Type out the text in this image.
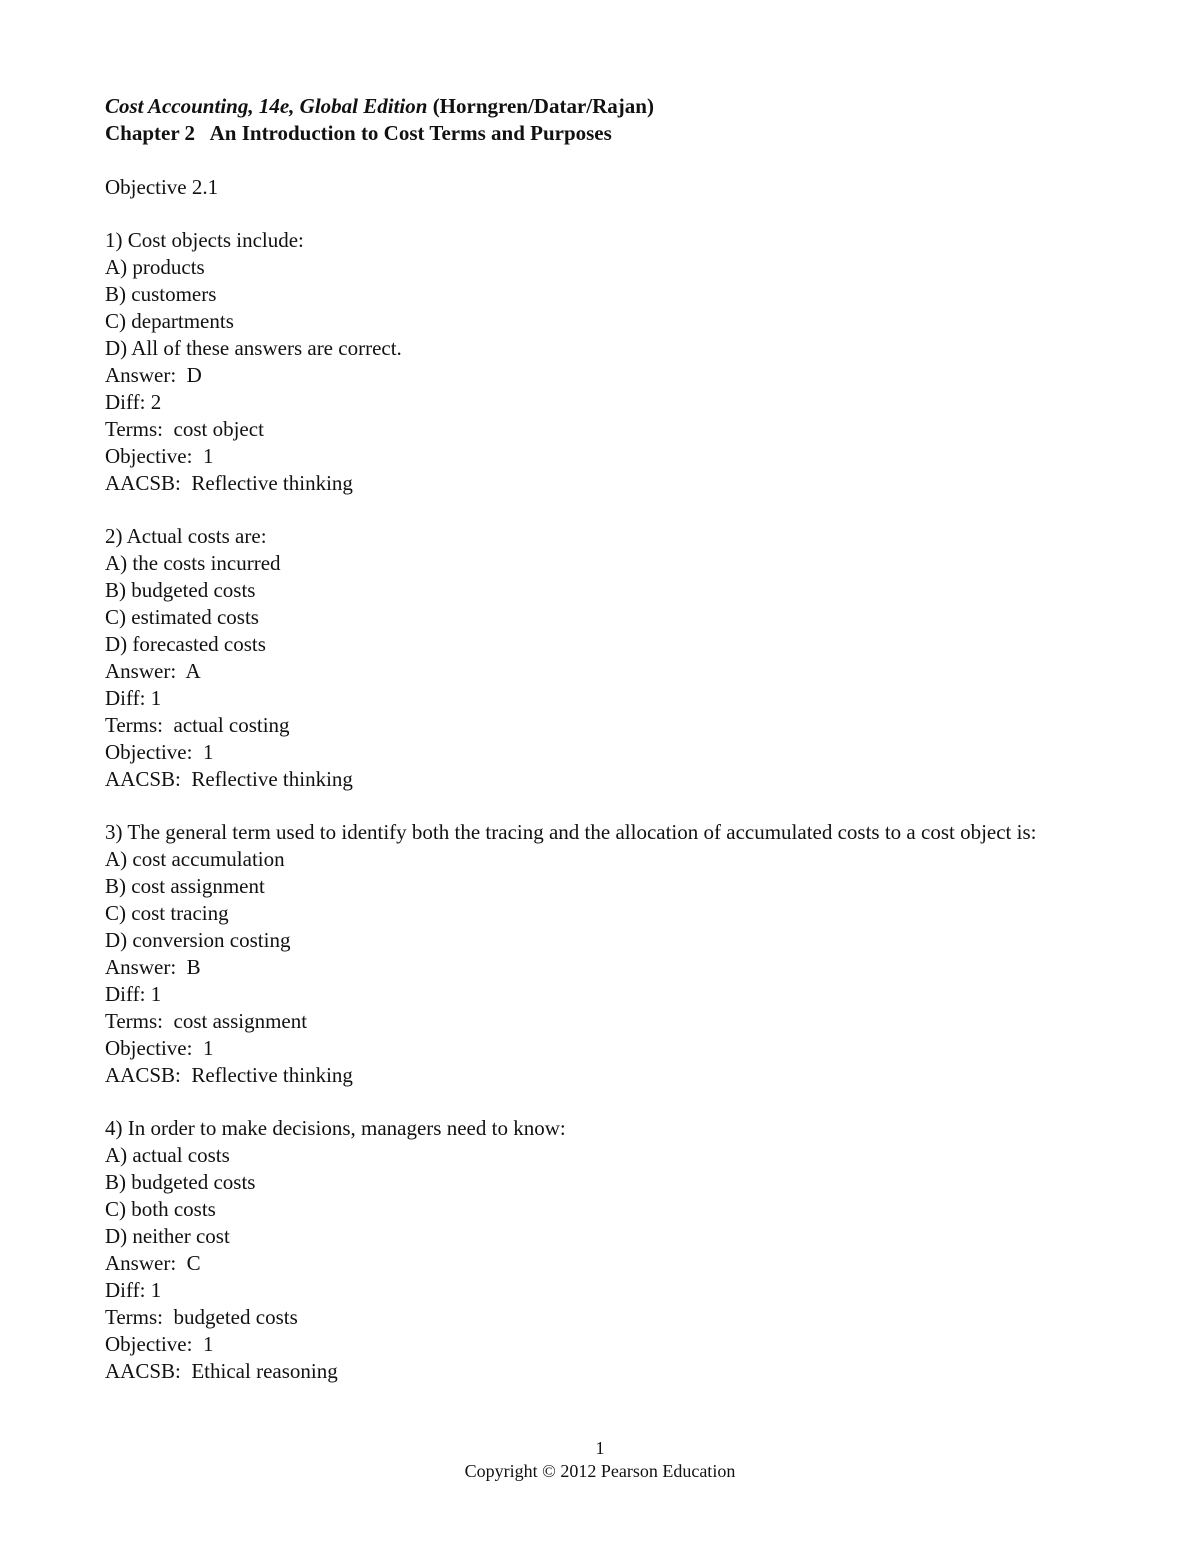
Cost Accounting, 14e, Global Edition (Horngren/Datar/Rajan)
Chapter 2   An Introduction to Cost Terms and Purposes
Objective 2.1
1) Cost objects include:
A) products
B) customers
C) departments
D) All of these answers are correct.
Answer:  D
Diff: 2
Terms:  cost object
Objective:  1
AACSB:  Reflective thinking
2) Actual costs are:
A) the costs incurred
B) budgeted costs
C) estimated costs
D) forecasted costs
Answer:  A
Diff: 1
Terms:  actual costing
Objective:  1
AACSB:  Reflective thinking
3) The general term used to identify both the tracing and the allocation of accumulated costs to a cost object is:
A) cost accumulation
B) cost assignment
C) cost tracing
D) conversion costing
Answer:  B
Diff: 1
Terms:  cost assignment
Objective:  1
AACSB:  Reflective thinking
4) In order to make decisions, managers need to know:
A) actual costs
B) budgeted costs
C) both costs
D) neither cost
Answer:  C
Diff: 1
Terms:  budgeted costs
Objective:  1
AACSB:  Ethical reasoning
1
Copyright © 2012 Pearson Education
